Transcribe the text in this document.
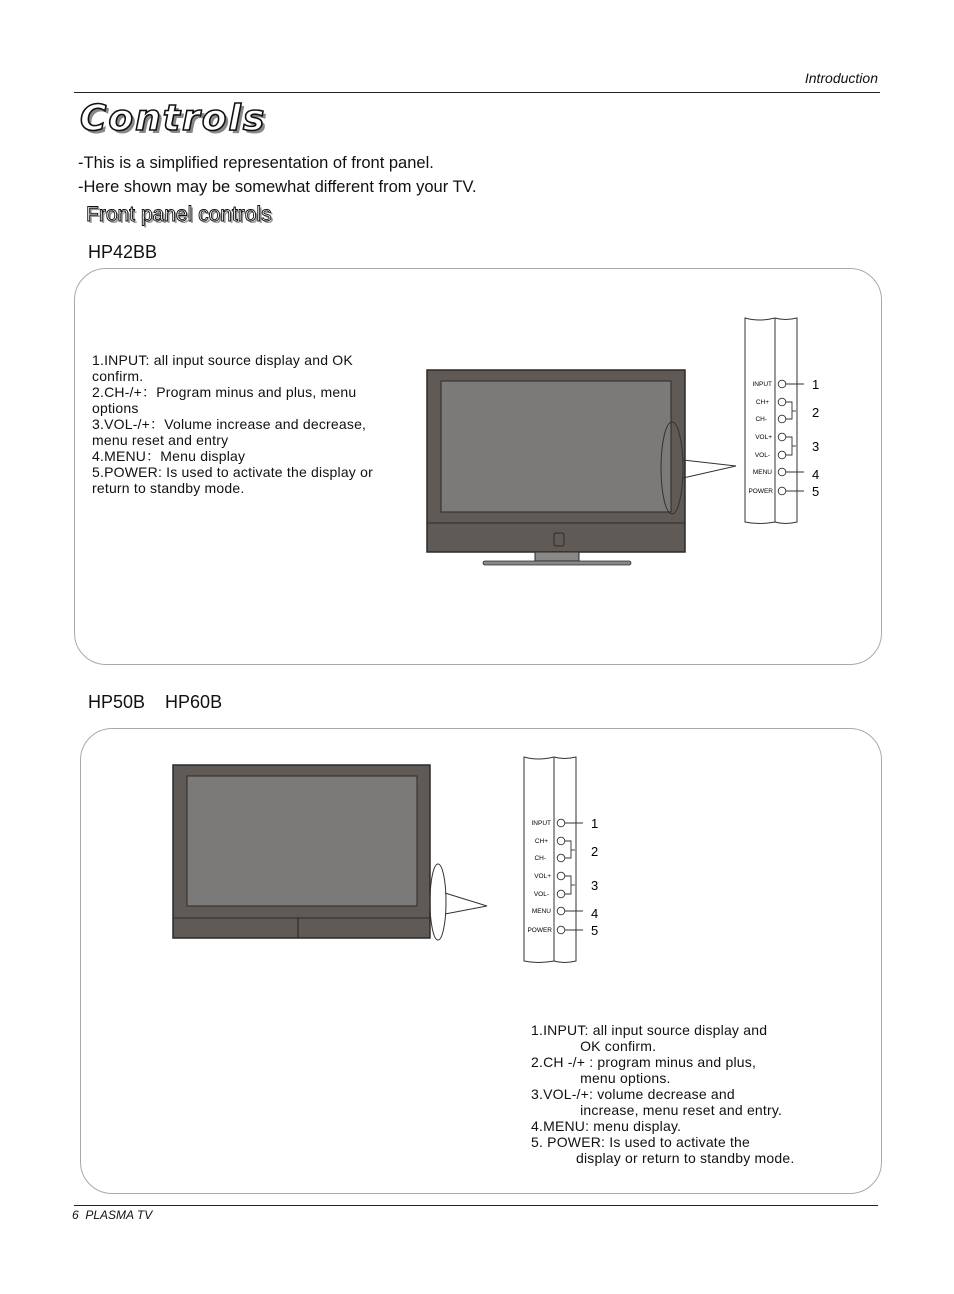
Introduction
Controls
-This is a simplified representation of front panel.
-Here shown may be somewhat different from your TV.
Front panel controls
HP42BB
1.INPUT: all input source display and OK
confirm.
2.CH-/+：Program minus and plus, menu
options
3.VOL-/+：Volume increase and decrease,
menu reset and entry
4.MENU：Menu display
5.POWER: Is used to activate the display or
return to standby mode.
INPUT
CH+
CH-
VOL+
VOL-
MENU
POWER
1
2
3
4
5
HP50B    HP60B
INPUT
CH+
CH-
VOL+
VOL-
MENU
POWER
1
2
3
4
5
1.INPUT: all input source display and
OK confirm.
2.CH -/+ : program minus and plus,
menu options.
3.VOL-/+: volume decrease and
increase, menu reset and entry.
4.MENU: menu display.
5. POWER: Is used to activate the
display or return to standby mode.
6  PLASMA TV
